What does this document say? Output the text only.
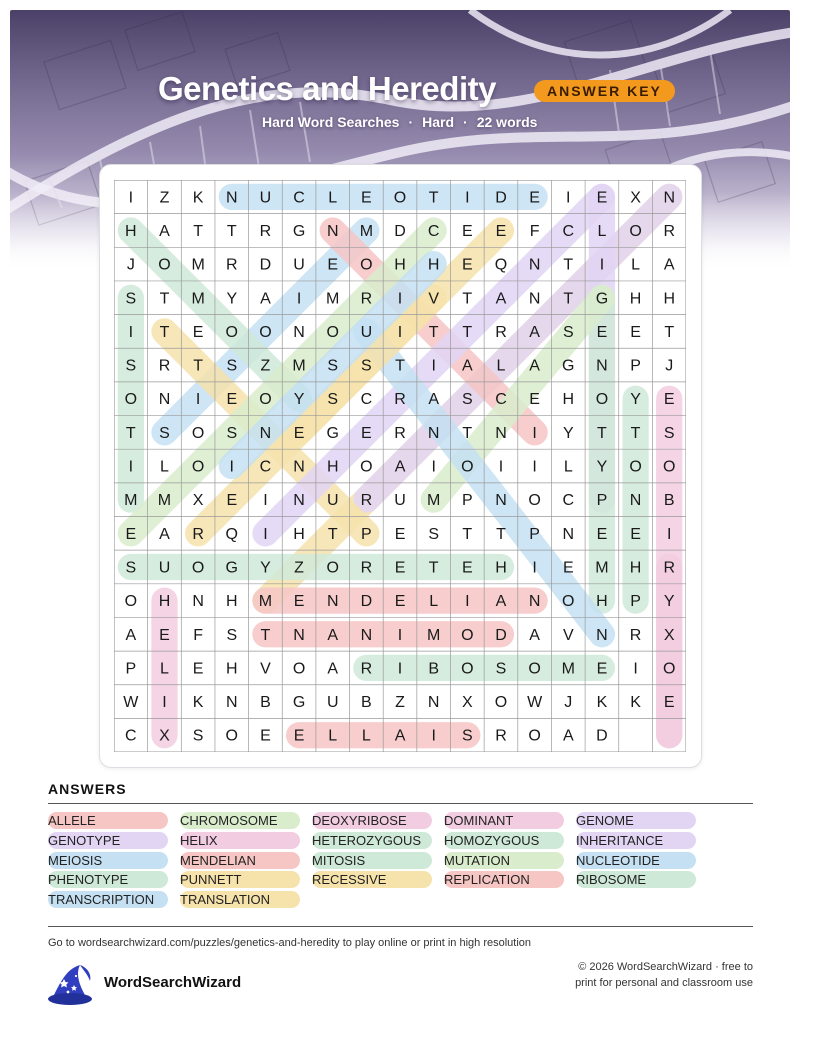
Genetics and Heredity	ANSWER KEY
Hard Word Searches · Hard · 22 words
I Z K N U C L E O T I D E I E X N
H A T T R G N M D C E E F C L O R
J O M R D U E O H H E Q N T I L A
S T M Y A I M R I V T A N T G H H
I T E O O N O U I T T R A S E E T
S R T S Z M S S T I A L A G N P J
O N I E O Y S C R A S C E H O Y E
T S O S N E G E R N T N I Y T T S
I L O I C N H O A I O I I L Y O O
M M X E I N U R U M P N O C P N B
E A R Q I H T P E S T T P N E E I
S U O G Y Z O R E T E H I E M H R
O H N H M E N D E L I A N O H P Y
A E F S T N A N I M O D A V N R X
P L E H V O A R I B O S O M E I O
W I K N B G U B Z N X O W J K K E
C X S O E E L L A I S R O A D
ANSWERS
ALLELE	CHROMOSOME	DEOXYRIBOSE	DOMINANT	GENOME
GENOTYPE	HELIX	HETEROZYGOUS	HOMOZYGOUS	INHERITANCE
MEIOSIS	MENDELIAN	MITOSIS	MUTATION	NUCLEOTIDE
PHENOTYPE	PUNNETT	RECESSIVE	REPLICATION	RIBOSOME
TRANSCRIPTION	TRANSLATION
Go to wordsearchwizard.com/puzzles/genetics-and-heredity to play online or print in high resolution
WordSearchWizard
© 2026 WordSearchWizard · free to print for personal and classroom use
